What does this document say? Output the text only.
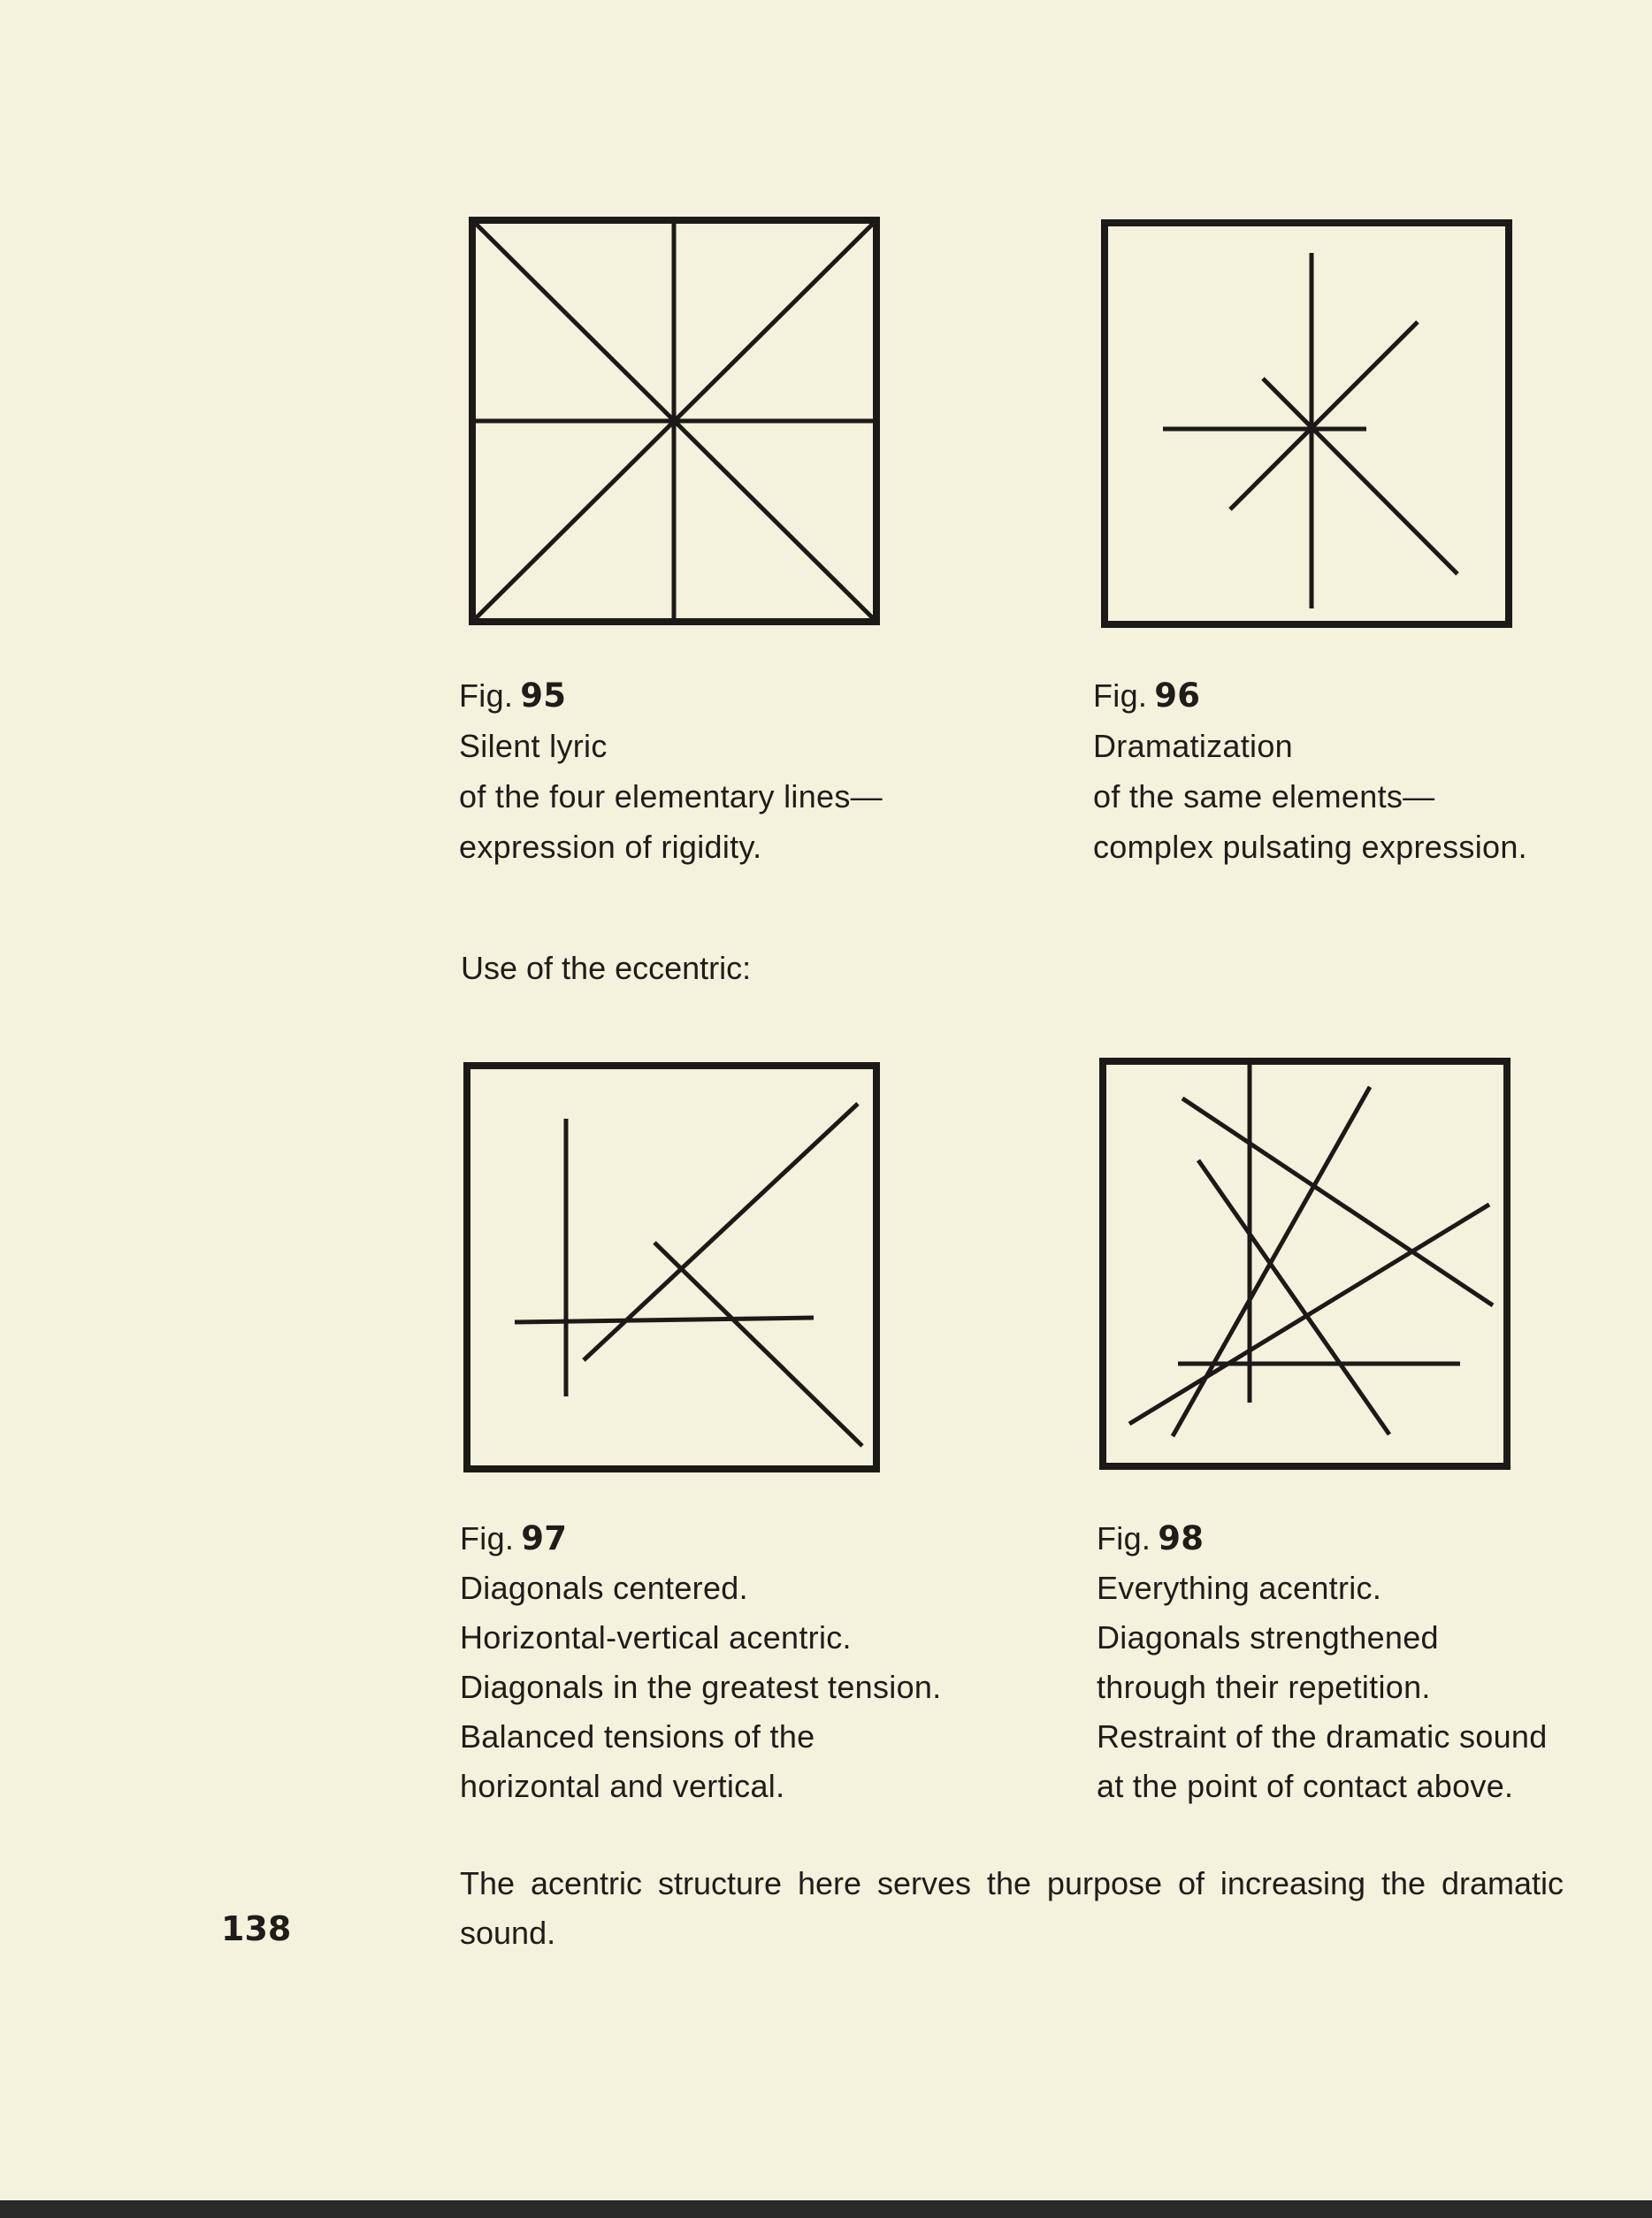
Fig. 95
Silent lyric
of the four elementary lines—
expression of rigidity.
Fig. 96
Dramatization
of the same elements—
complex pulsating expression.
Use of the eccentric:
Fig. 97
Diagonals centered.
Horizontal-vertical acentric.
Diagonals in the greatest tension.
Balanced tensions of the
horizontal and vertical.
Fig. 98
Everything acentric.
Diagonals strengthened
through their repetition.
Restraint of the dramatic sound
at the point of contact above.
The acentric structure here serves the purpose of increasing the dramatic sound.
138
